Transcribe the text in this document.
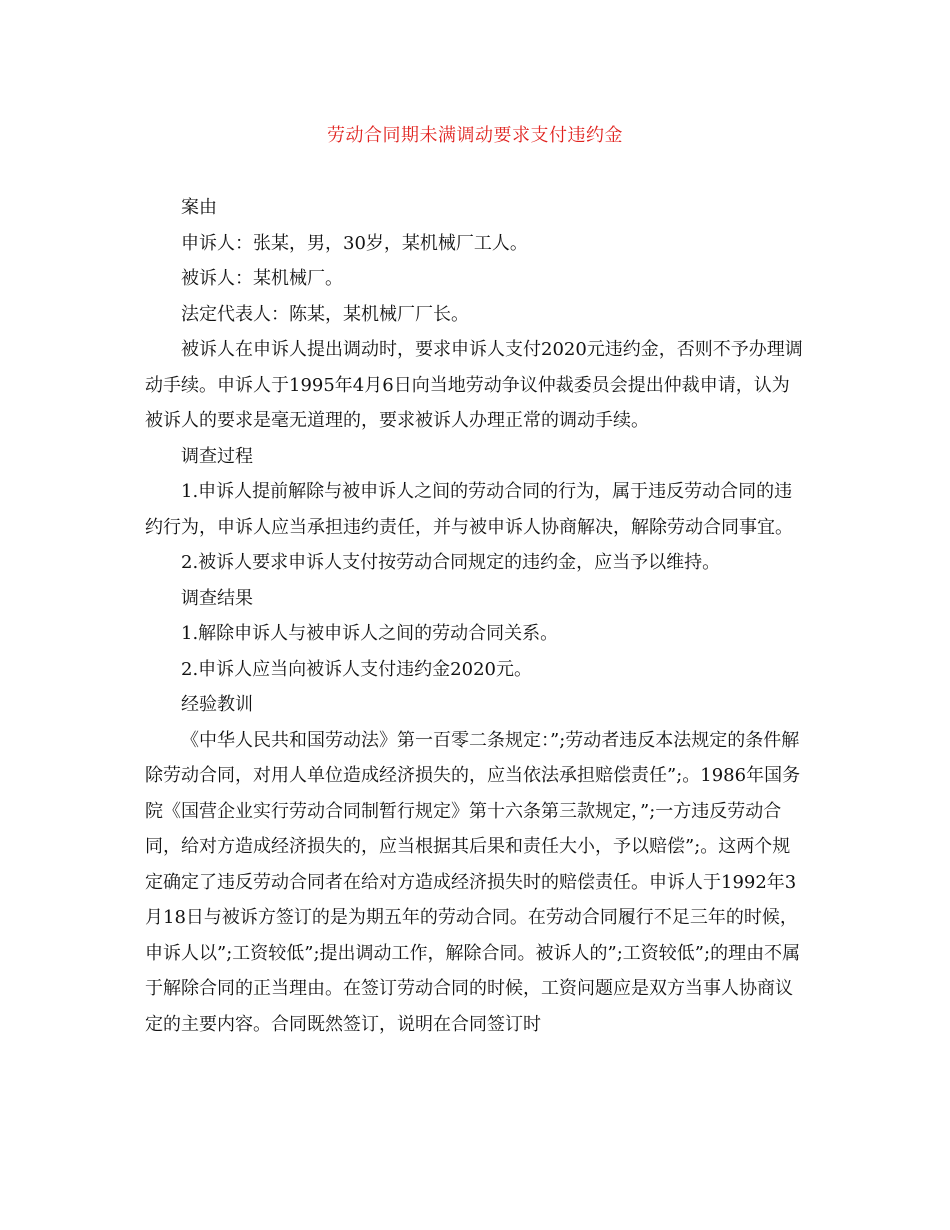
劳动合同期未满调动要求支付违约金

案由

申诉人：张某，男，30岁，某机械厂工人。

被诉人：某机械厂。

法定代表人：陈某，某机械厂厂长。

被诉人在申诉人提出调动时，要求申诉人支付2020元违约金，否则不予办理调动手续。申诉人于1995年4月6日向当地劳动争议仲裁委员会提出仲裁申请，认为被诉人的要求是毫无道理的，要求被诉人办理正常的调动手续。

调查过程

1.申诉人提前解除与被申诉人之间的劳动合同的行为，属于违反劳动合同的违约行为，申诉人应当承担违约责任，并与被申诉人协商解决，解除劳动合同事宜。

2.被诉人要求申诉人支付按劳动合同规定的违约金，应当予以维持。

调查结果

1.解除申诉人与被申诉人之间的劳动合同关系。

2.申诉人应当向被诉人支付违约金2020元。

经验教训

《中华人民共和国劳动法》第一百零二条规定：”;劳动者违反本法规定的条件解除劳动合同，对用人单位造成经济损失的，应当依法承担赔偿责任”;。1986年国务院《国营企业实行劳动合同制暂行规定》第十六条第三款规定，”;一方违反劳动合同，给对方造成经济损失的，应当根据其后果和责任大小，予以赔偿”;。这两个规定确定了违反劳动合同者在给对方造成经济损失时的赔偿责任。申诉人于1992年3月18日与被诉方签订的是为期五年的劳动合同。在劳动合同履行不足三年的时候，申诉人以”;工资较低”;提出调动工作，解除合同。被诉人的”;工资较低”;的理由不属于解除合同的正当理由。在签订劳动合同的时候，工资问题应是双方当事人协商议定的主要内容。合同既然签订，说明在合同签订时
